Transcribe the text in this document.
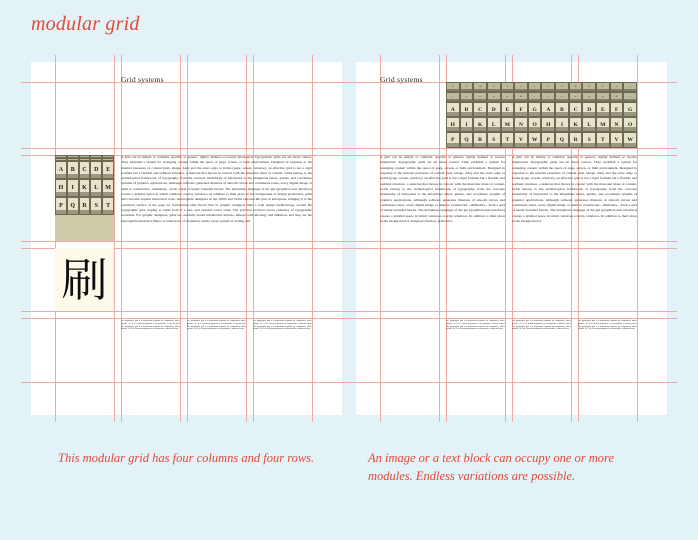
modular grid
Grid systems
ff	fi	ffi	fl	k
j	ç	æ	œ	w
A B C D E
H I K L M
P Q R S T
刷

A grid can be simple or complex, specific or generic, tightly defined or loosely interpreted. Typographic grids are all about control. They establish a system for arranging content within the space of page, screen, or built environment. Designed in response to the internal pressures of content (text, image, data) and the outer edge or frame (page, screen, window), an effective grid is not a rigid formula but a flexible and resilient structure, a skeleton that moves in concert with the muscular mass of content. Grids belong to the technological framework of typography, from the concrete modularity of letterpress to the ubiquitous rulers, guides, and coordinate systems of graphics applications. Although software generates illusions of smooth curves and continuous tones, every digital image or mark is constructed—ultimately—from a grid of neatly bounded blocks. The ubiquitous language of the gui (graphical user interface) creates a gridded space in which windows overlay windows. In addition to their place in the background of design production, grids have become explicit theoretical tools. Avant-garde designers in the 1910s and 1920s exposed the grid of letterpress, bringing it to the polemical surface of the page. In Switzerland after World War II, graphic designers built a total design methodology around the typographic grid, hoping to build from it a new and rational social order. The grid has evolved across centuries of typographic evolution. For graphic designers, grids are carefully honed intellectual devices, infused with ideology and ambition, and they are the inescapable mesh that filters, at some level of resolution, nearly every system of writing and

The typographic grid is a proportional regulator for composition, tables, pictures, etc. It is a formal programme to accommodate x elements item. The typographic grid is a proportional regulator for composition, tables, pictures, etc. It is a formal programme to accommodate x unknown items.

The typographic grid is a proportional regulator for composition, tables, pictures, etc. It is a formal programme to accommodate x elements item. The typographic grid is a proportional regulator for composition, tables, pictures, etc. It is a formal programme to accommodate x unknown items.

The typographic grid is a proportional regulator for composition, tables, pictures, etc. It is a formal programme to accommodate x unknown items. The typographic grid is a proportional regulator for composition, tables, pictures, etc. It is a formal programme to accommodate x unknown items.

Grid systems
ff	fi	ffi	fl	k	w	j	ff	fi	ffi	fl	k	w	j
ç	æ	œ	ae	oe	ffl	z	ç	æ	œ	ae	oe	ffl	z
A B C D E F G A B C D E F G
H I K L M N O H I K L M N O
P Q R S T V W P Q R S T V W

A grid can be simple or complex, specific or generic, tightly defined or loosely interpreted. Typographic grids are all about control. They establish a system for arranging content within the space of page, screen, or built environment. Designed in response to the internal pressures of content (text, image, data) and the outer edge or frame (page, screen, window), an effective grid is not a rigid formula but a flexible and resilient structure, a skeleton that moves in concert with the muscular mass of content. Grids belong to the technological framework of typography, from the concrete modularity of letterpress to the ubiquitous rulers, guides, and coordinate systems of graphics applications. Although software generates illusions of smooth curves and continuous tones, every digital image or mark is constructed—ultimately—from a grid of neatly bounded blocks. The ubiquitous language of the gui (graphical user interface) creates a gridded space in which windows overlay windows. In addition to their place in the background of design production, grids have

A grid can be simple or complex, specific or generic, tightly defined or loosely interpreted. Typographic grids are all about control. They establish a system for arranging content within the space of page, screen, or built environment. Designed in response to the internal pressures of content (text, image, data) and the outer edge or frame (page, screen, window), an effective grid is not a rigid formula but a flexible and resilient structure, a skeleton that moves in concert with the muscular mass of content. Grids belong to the technological framework of typography, from the concrete modularity of letterpress to the ubiquitous rulers, guides, and coordinate systems of graphics applications. Although software generates illusions of smooth curves and continuous tones, every digital image or mark is constructed—ultimately—from a grid of neatly bounded blocks. The ubiquitous language of the gui (graphical user interface) creates a gridded space in which windows overlay windows. In addition to their place in the background of

The typographic grid is a proportional regulator for composition, tables, pictures, etc. It is a formal programme to accommodate x unknown items. The typographic grid is a proportional regulator for composition, tables, pictures, etc. It is a formal programme to accommodate x unknown items.

The typographic grid is a proportional regulator for composition, tables, pictures, etc. It is a formal programme to accommodate x unknown items. The typographic grid is a proportional regulator for composition, tables, pictures, etc. It is a formal programme to accommodate x unknown items.

The typographic grid is a proportional regulator for composition, tables, pictures, etc. It is a formal programme to accommodate x unknown items. The typographic grid is a proportional regulator for composition, tables, pictures, etc. It is a formal programme to accommodate x unknown items.

This modular grid has four columns and four rows.	An image or a text block can occupy one or more modules. Endless variations are possible.
